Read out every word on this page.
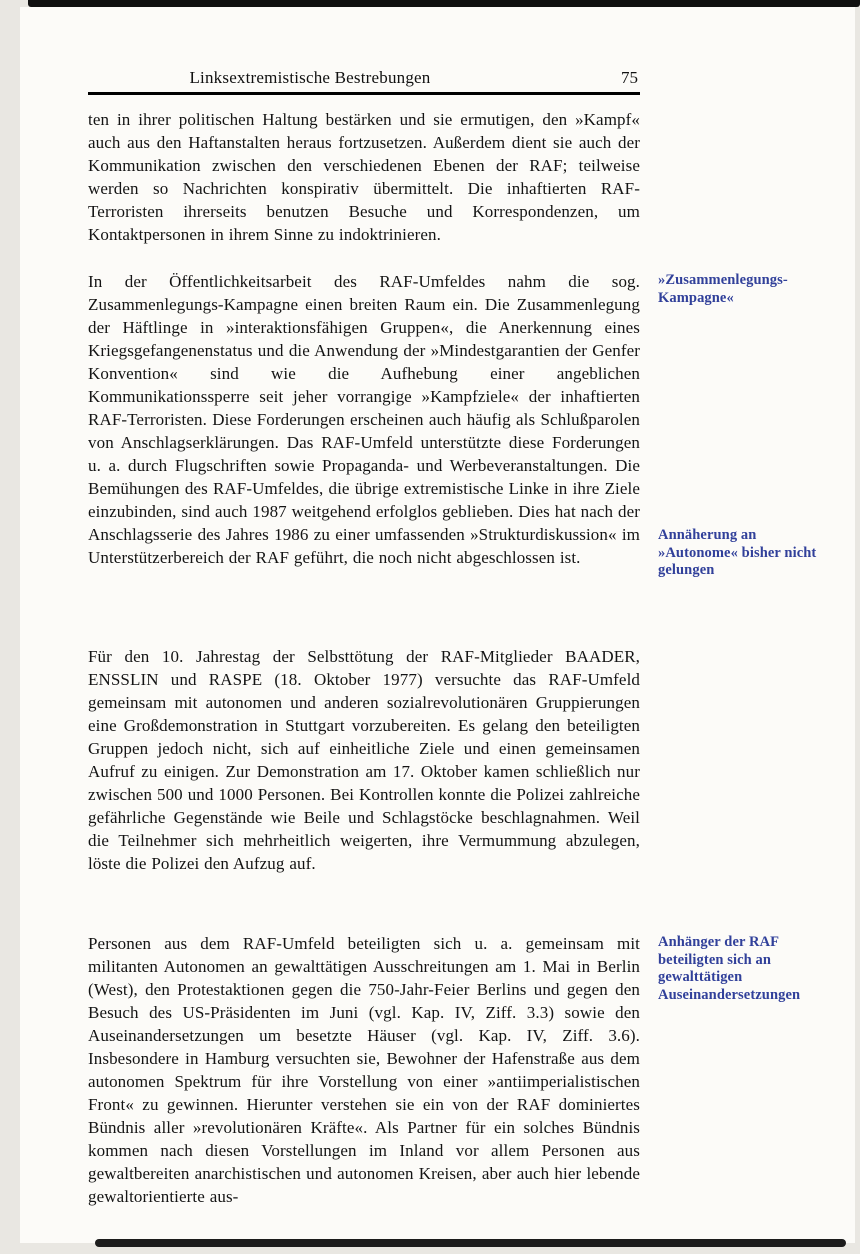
75
Linksextremistische Bestrebungen

ten in ihrer politischen Haltung bestärken und sie ermutigen, den »Kampf« auch aus den Haftanstalten heraus fortzusetzen. Außerdem dient sie auch der Kommunikation zwischen den verschiedenen Ebenen der RAF; teilweise werden so Nachrichten konspirativ übermittelt. Die inhaftierten RAF-Terroristen ihrerseits benutzen Besuche und Korrespondenzen, um Kontaktpersonen in ihrem Sinne zu indoktrinieren.

In der Öffentlichkeitsarbeit des RAF-Umfeldes nahm die sog. Zusammenlegungs-Kampagne einen breiten Raum ein. Die Zusammenlegung der Häftlinge in »interaktionsfähigen Gruppen«, die Anerkennung eines Kriegsgefangenenstatus und die Anwendung der »Mindestgarantien der Genfer Konvention« sind wie die Aufhebung einer angeblichen Kommunikationssperre seit jeher vorrangige »Kampfziele« der inhaftierten RAF-Terroristen. Diese Forderungen erscheinen auch häufig als Schlußparolen von Anschlagserklärungen. Das RAF-Umfeld unterstützte diese Forderungen u. a. durch Flugschriften sowie Propaganda- und Werbeveranstaltungen. Die Bemühungen des RAF-Umfeldes, die übrige extremistische Linke in ihre Ziele einzubinden, sind auch 1987 weitgehend erfolglos geblieben. Dies hat nach der Anschlagsserie des Jahres 1986 zu einer umfassenden »Strukturdiskussion« im Unterstützerbereich der RAF geführt, die noch nicht abgeschlossen ist.

Für den 10. Jahrestag der Selbsttötung der RAF-Mitglieder BAADER, ENSSLIN und RASPE (18. Oktober 1977) versuchte das RAF-Umfeld gemeinsam mit autonomen und anderen sozialrevolutionären Gruppierungen eine Großdemonstration in Stuttgart vorzubereiten. Es gelang den beteiligten Gruppen jedoch nicht, sich auf einheitliche Ziele und einen gemeinsamen Aufruf zu einigen. Zur Demonstration am 17. Oktober kamen schließlich nur zwischen 500 und 1000 Personen. Bei Kontrollen konnte die Polizei zahlreiche gefährliche Gegenstände wie Beile und Schlagstöcke beschlagnahmen. Weil die Teilnehmer sich mehrheitlich weigerten, ihre Vermummung abzulegen, löste die Polizei den Aufzug auf.

Personen aus dem RAF-Umfeld beteiligten sich u. a. gemeinsam mit militanten Autonomen an gewalttätigen Ausschreitungen am 1. Mai in Berlin (West), den Protestaktionen gegen die 750-Jahr-Feier Berlins und gegen den Besuch des US-Präsidenten im Juni (vgl. Kap. IV, Ziff. 3.3) sowie den Auseinandersetzungen um besetzte Häuser (vgl. Kap. IV, Ziff. 3.6). Insbesondere in Hamburg versuchten sie, Bewohner der Hafenstraße aus dem autonomen Spektrum für ihre Vorstellung von einer »antiimperialistischen Front« zu gewinnen. Hierunter verstehen sie ein von der RAF dominiertes Bündnis aller »revolutionären Kräfte«. Als Partner für ein solches Bündnis kommen nach diesen Vorstellungen im Inland vor allem Personen aus gewaltbereiten anarchistischen und autonomen Kreisen, aber auch hier lebende gewaltorientierte aus-

»Zusammenlegungs-Kampagne«
Annäherung an »Autonome« bisher nicht gelungen
Anhänger der RAF beteiligten sich an gewalttätigen Auseinandersetzungen
